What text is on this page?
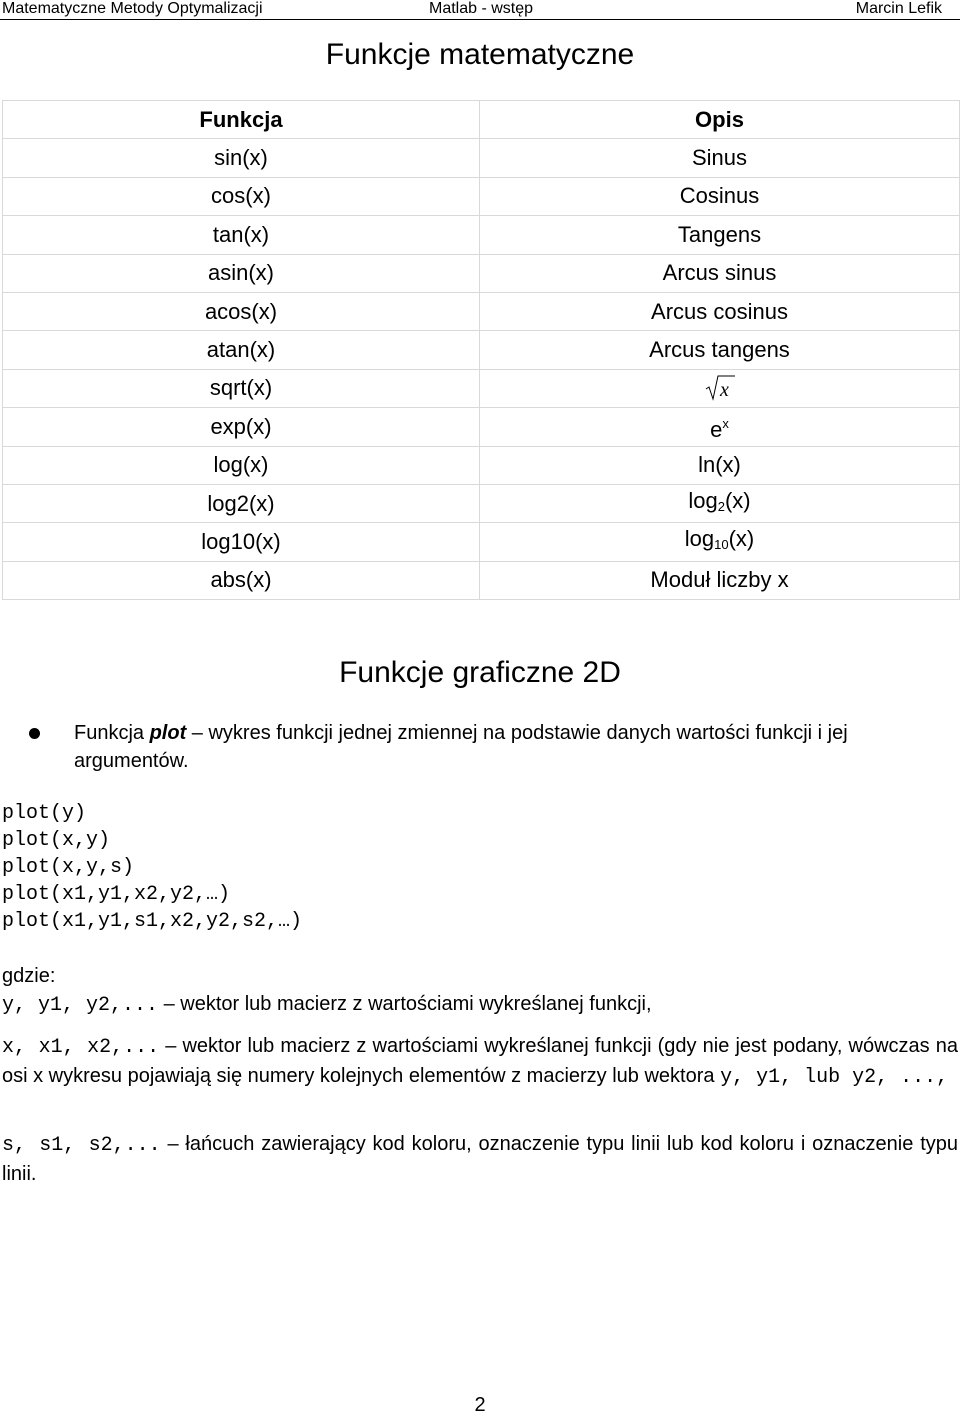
Matematyczne Metody Optymalizacji	Matlab - wstęp	Marcin Lefik
Funkcje matematyczne
Funkcja	Opis
sin(x)	Sinus
cos(x)	Cosinus
tan(x)	Tangens
asin(x)	Arcus sinus
acos(x)	Arcus cosinus
atan(x)	Arcus tangens
sqrt(x)	x

exp(x)	$e^x$
log(x)	ln(x)
log2(x)	$\log_2(x)$
log10(x)	$\log_{10}(x)$
abs(x)	Moduł liczby x
Funkcje graficzne 2D
Funkcja plot – wykres funkcji jednej zmiennej na podstawie danych wartości funkcji i jej argumentów.
plot(y)
plot(x,y)
plot(x,y,s)
plot(x1,y1,x2,y2,…)
plot(x1,y1,s1,x2,y2,s2,…)
gdzie:
y, y1, y2,... – wektor lub macierz z wartościami wykreślanej funkcji,
x, x1, x2,... – wektor lub macierz z wartościami wykreślanej funkcji (gdy nie jest podany, wówczas na osi x wykresu pojawiają się numery kolejnych elementów z macierzy lub wektora y, y1, lub y2, ...,
s, s1, s2,... – łańcuch zawierający kod koloru, oznaczenie typu linii lub kod koloru i oznaczenie typu linii.
2
